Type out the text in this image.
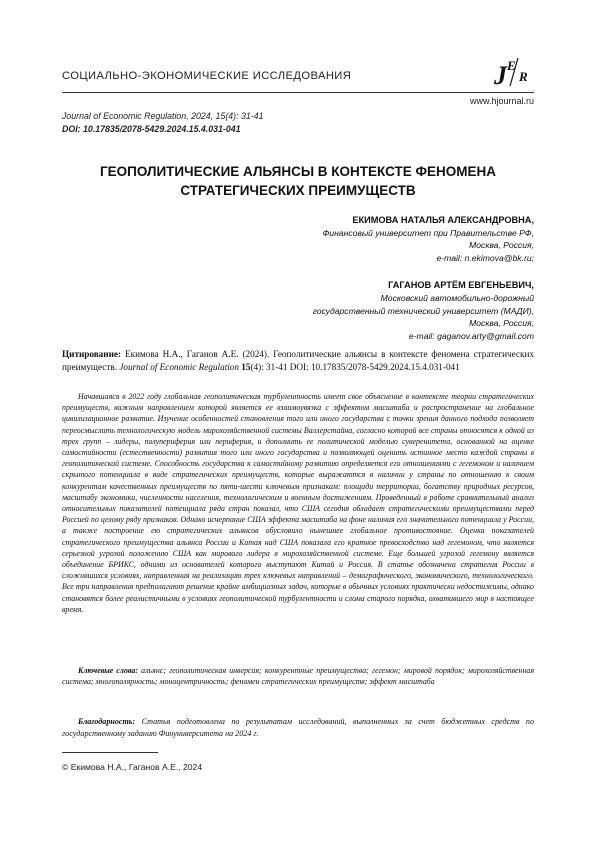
СОЦИАЛЬНО-ЭКОНОМИЧЕСКИЕ ИССЛЕДОВАНИЯ	J E
R
www.hjournal.ru
Journal of Economic Regulation, 2024, 15(4): 31-41
DOI: 10.17835/2078-5429.2024.15.4.031-041
ГЕОПОЛИТИЧЕСКИЕ АЛЬЯНСЫ В КОНТЕКСТЕ ФЕНОМЕНА
СТРАТЕГИЧЕСКИХ ПРЕИМУЩЕСТВ
ЕКИМОВА НАТАЛЬЯ АЛЕКСАНДРОВНА,
Финансовый университет при Правительстве РФ,
Москва, Россия,
e-mail: n.ekimova@bk.ru;
ГАГАНОВ АРТЁМ ЕВГЕНЬЕВИЧ,
Московский автомобильно-дорожный
государственный технический университет (МАДИ),
Москва, Россия,
e-mail: gaganov.arty@gmail.com
Цитирование: Екимова Н.А., Гаганов А.Е. (2024). Геополитические альянсы в контексте феномена стратегических преимуществ. Journal of Economic Regulation 15(4): 31-41 DOI: 10.17835/2078-5429.2024.15.4.031-041
Начавшаяся в 2022 году глобальная геополитическая турбулентность имеет свое объяснение в контексте теории стратегических преимуществ, важным направлением которой является ее взаимоувязка с эффектом масштаба и распространение на глобальное цивилизационное развитие. Изучение особенностей становления того или иного государства с точки зрения данного подхода позволяет переосмыслить технологическую модель мирохозяйственной системы Валлерстайна, согласно которой все страны относятся к одной из трех групп – лидеры, полупериферия или периферия, и дополнить ее политической моделью суверенитета, основанной на оценке самостийности (естественности) развития того или иного государства и позволяющей оценить истинное место каждой страны в геополитической системе. Способность государства к самостийному развитию определяется его отношениями с гегемоном и наличием скрытого потенциала в виде стратегических преимуществ, которые выражаются в наличии у страны по отношению к своим конкурентам качественных преимуществ по пяти-шести ключевым признакам: площади территории, богатству природных ресурсов, масштабу экономики, численности населения, технологическим и военным достижениям. Проведенный в работе сравнительный анализ относительных показателей потенциала ряда стран показал, что США сегодня обладает стратегическими преимуществами перед Россией по целому ряду признаков. Однако исчерпание США эффекта масштаба на фоне наличия его значительного потенциала у России, а также построение ею стратегических альянсов обусловило нынешнее глобальное противостояние. Оценка показателей стратегического преимущества альянса России и Китая над США показала его кратное превосходство над гегемоном, что является серьезной угрозой положению США как мирового лидера в мирохозяйственной системе. Еще большей угрозой гегемону является объединение БРИКС, одними из основателей которого выступают Китай и Россия. В статье обозначена стратегия России в сложившихся условиях, направленная на реализацию трех ключевых направлений – демографического, экономического, технологического. Все три направления предполагают решение крайне амбициозных задач, которые в обычных условиях практически недостижимы, однако становятся более реалистичными в условиях геополитической турбулентности и слома старого порядка, охватившего мир в настоящее время.
Ключевые слова: альянс; геополитическая инверсия; конкурентные преимущества; гегемон; мировой порядок; мирохозяйственная система; многополярность; моноцентричность; феномен стратегических преимуществ; эффект масштаба
Благодарность: Статья подготовлена по результатам исследований, выполненных за счет бюджетных средств по государственному заданию Финуниверситета на 2024 г.
© Екимова Н.А., Гаганов А.Е., 2024
